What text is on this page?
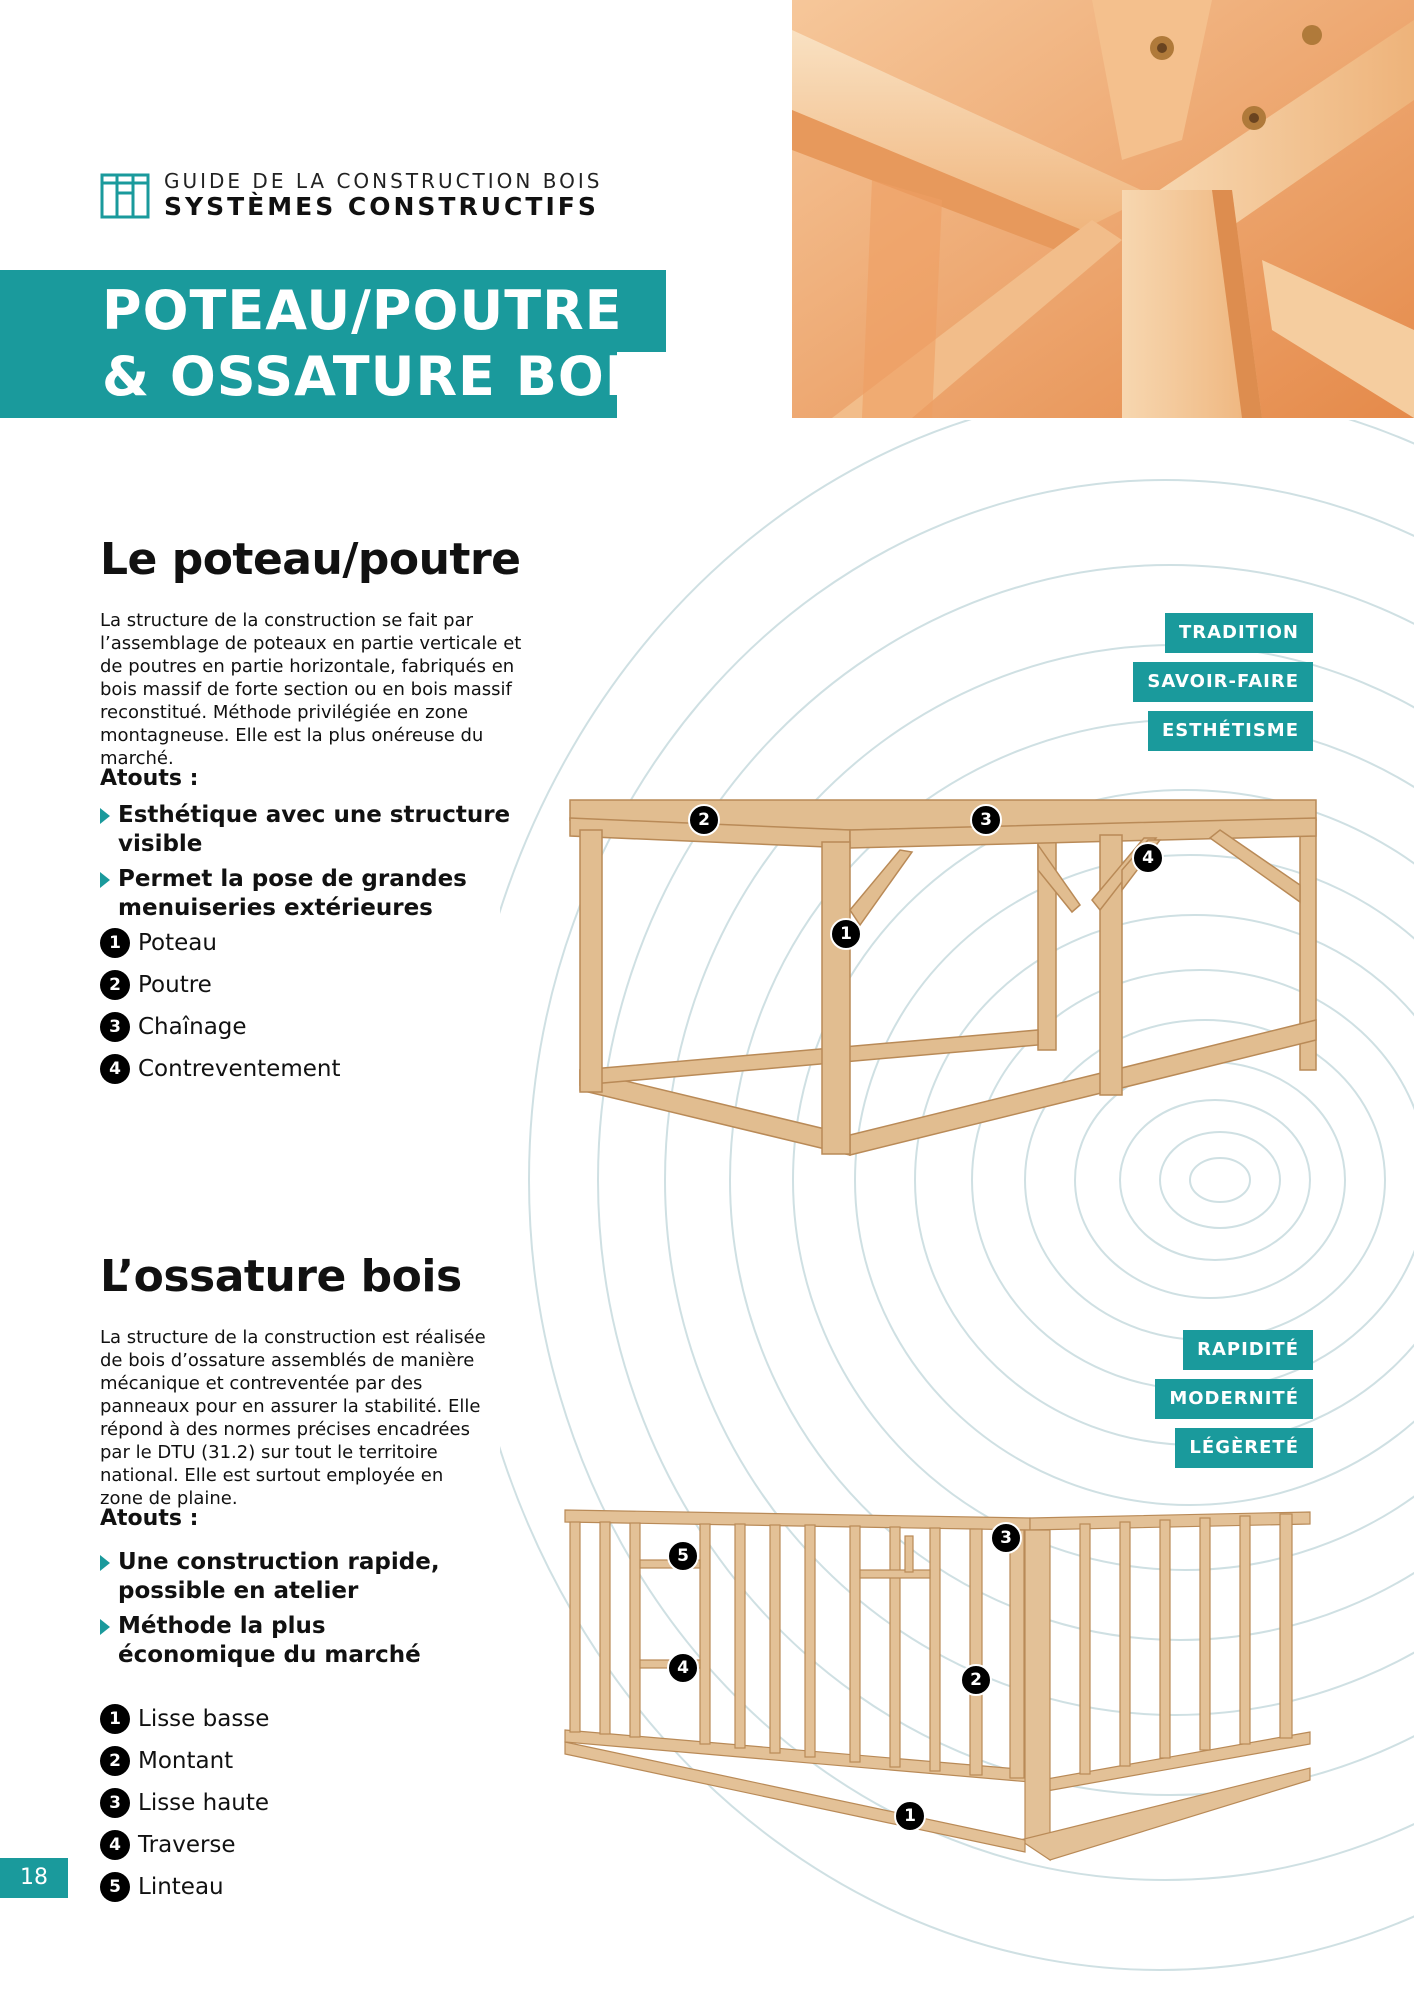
GUIDE DE LA CONSTRUCTION BOIS
SYSTÈMES CONSTRUCTIFS
POTEAU/POUTRE
& OSSATURE BOIS
Le poteau/poutre

La structure de la construction se fait par l’assemblage de poteaux en partie verticale et de poutres en partie horizontale, fabriqués en bois massif de forte section ou en bois massif reconstitué. Méthode privilégiée en zone montagneuse. Elle est la plus onéreuse du marché.

Atouts :
Esthétique avec une structure visible
Permet la pose de grandes menuiseries extérieures
1 Poteau
2 Poutre
3 Chaînage
4 Contreventement
TRADITION
SAVOIR-FAIRE
ESTHÉTISME
2	3
4
1
L’ossature bois

La structure de la construction est réalisée de bois d’ossature assemblés de manière mécanique et contreventée par des panneaux pour en assurer la stabilité. Elle répond à des normes précises encadrées par le DTU (31.2) sur tout le territoire national. Elle est surtout employée en zone de plaine.

Atouts :
Une construction rapide, possible en atelier
Méthode la plus économique du marché
1 Lisse basse
2 Montant
3 Lisse haute
4 Traverse
5 Linteau
RAPIDITÉ
MODERNITÉ
LÉGÈRETÉ
5
3
4
2
1
18
